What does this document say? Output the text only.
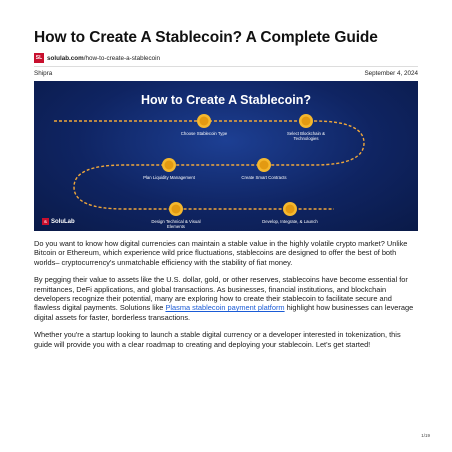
How to Create A Stablecoin? A Complete Guide
SL solulab.com/how-to-create-a-stablecoin
Shipra	September 4, 2024
How to Create A Stablecoin?
Choose Stablecoin Type	Select Blockchain & Technologies
Plan Liquidity Management	Create Smart Contracts
Design Technical & Visual Elements
Develop, Integrate, & Launch
S SoluLab

Do you want to know how digital currencies can maintain a stable value in the highly volatile crypto market? Unlike Bitcoin or Ethereum, which experience wild price fluctuations, stablecoins are designed to offer the best of both worlds– cryptocurrency's unmatchable efficiency with the stability of fiat money.

By pegging their value to assets like the U.S. dollar, gold, or other reserves, stablecoins have become essential for remittances, DeFi applications, and global transactions. As businesses, financial institutions, and blockchain developers recognize their potential, many are exploring how to create their stablecoin to facilitate secure and flawless digital payments. Solutions like Plasma stablecoin payment platform highlight how businesses can leverage digital assets for faster, borderless transactions.

Whether you're a startup looking to launch a stable digital currency or a developer interested in tokenization, this guide will provide you with a clear roadmap to creating and deploying your stablecoin. Let's get started!

1/19
